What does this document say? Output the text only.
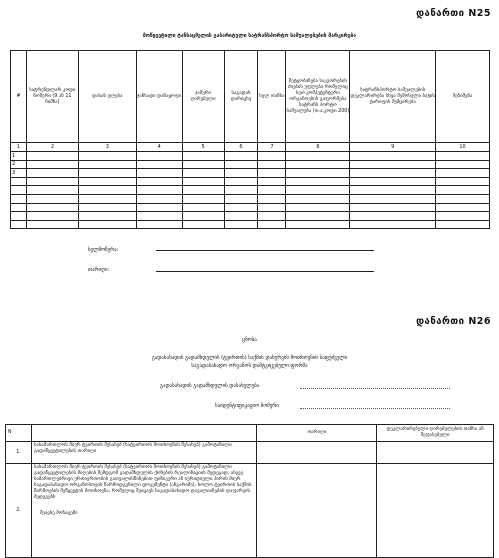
დანართი N25
მოწყვეტილი ტანსაცმელის გაბარიტული სატრანსპორტო საშუალებების მარკირება
#	სატრენდლარ კოდი ნომერი (9 ან 11 ნიშნა)	დასახ ელება	ჯანსადი დანაყოფი	ჯამური ღირებული	საგადახ დარიცხვ	სულ თანხა	შეტყობინება საკუთრების ძიების უფლება რომელიც სეთ კომპეტენტური ორგანოების გაფორმება სატრანს პორტო საშუალება (თ.ა.კოდი 200)	სატრანსპორტო საშუალების დეკლარირება სხვა შემოსული ბაჟის ტარიფის შემცირება	შენიშვნა
1	2	3	4	5	6	7	8	9	10
1									
2									
3									

ხელმოწერა:
თარიღი:
დანართი N26
ცნობა
გადასახადის გადამხდელის (ტვირთის) საქმის დახურვის მოთხოვნის საფუძველი
საგადასახადო ორგანოს დამტკიცებული ფორმა
გადასახადის გადამხდელის დასახელება
საიდენტიფიკაციო ნომერი
N		თარიღი	დეკლარირებული ღირებულების თანხა ან შეფასებული
1.	სასამართლოს მიერ ტვირთის შესახებ (სატვირთოს მოთხოვნის შესახებ) გამოტანილი გადაწყვეტილების თარიღი		
2.	სასამართლოს მიერ ტვირთის შესახებ (სატვირთოს მოთხოვნის შესახებ) გამოტანილი გადაწყვეტილების მიღების შემდგომ გადამხდელის ქონების რეალიზაციის შედეგად, ასევე სამართლებრივი ურთიერთობის გათვალისწინებით ფიზიკური ან იურიდიული პირის მიერ საგადასახადო ორგანოსთვის წარმოდგენილი დოკუმენტი (ანგარიში), ხოლო ტვირთის საქმის წარმოების შეწყვეტის მოთხოვნა, რომელიც შეიცავს საგადასახადო დავალიანების დაფარვის შედეგებს
შეავსე მონაცემი		
